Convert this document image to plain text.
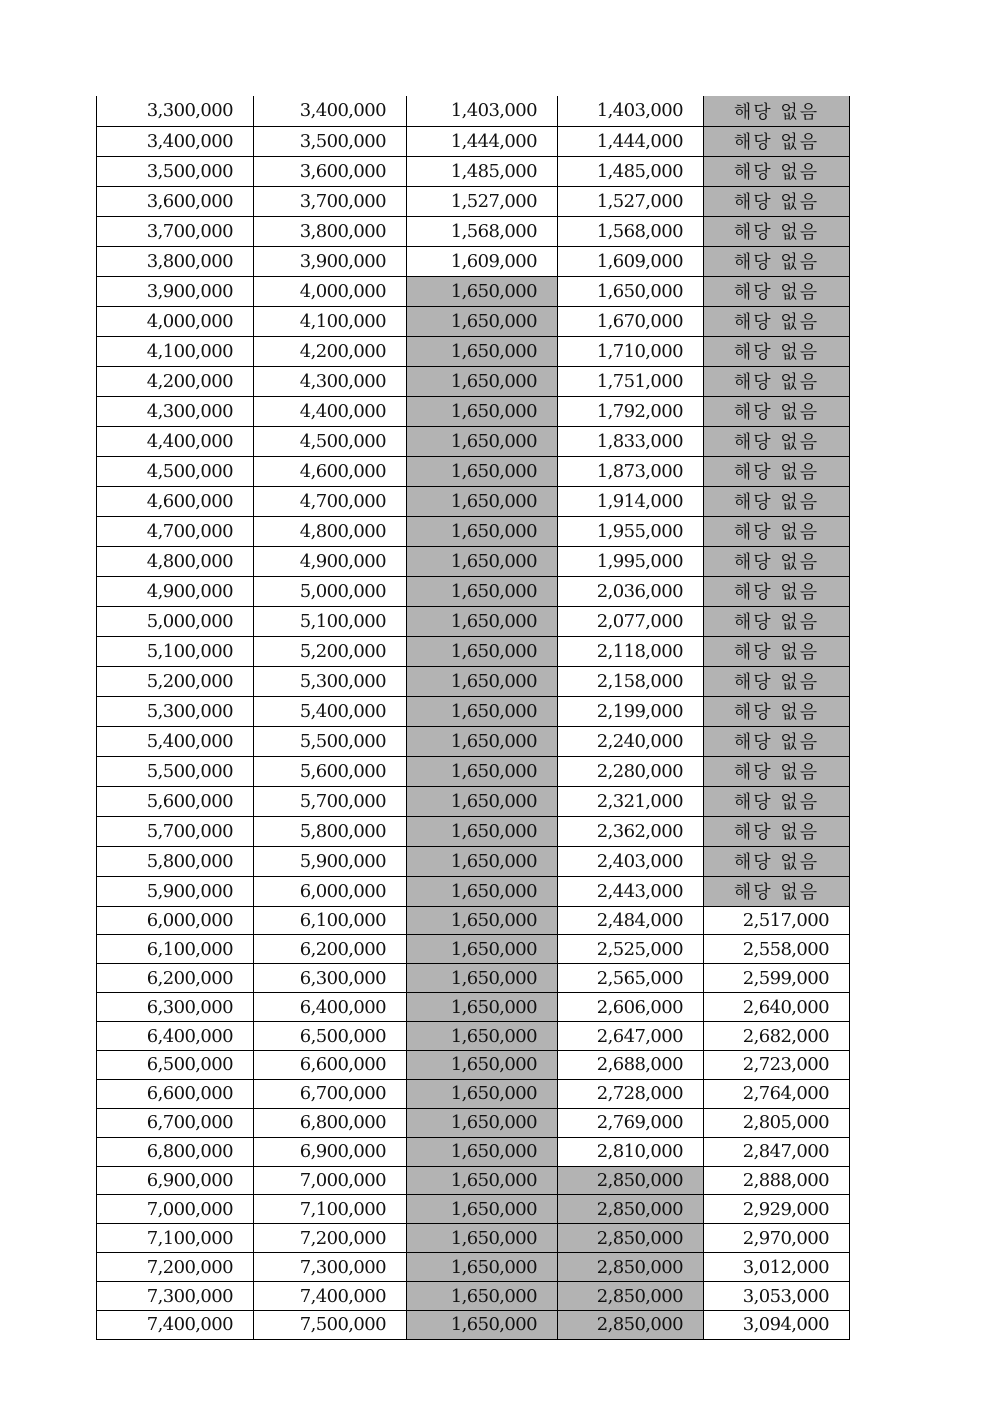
3,300,000	3,400,000	1,403,000	1,403,000	해당 없음
3,400,000	3,500,000	1,444,000	1,444,000	해당 없음
3,500,000	3,600,000	1,485,000	1,485,000	해당 없음
3,600,000	3,700,000	1,527,000	1,527,000	해당 없음
3,700,000	3,800,000	1,568,000	1,568,000	해당 없음
3,800,000	3,900,000	1,609,000	1,609,000	해당 없음
3,900,000	4,000,000	1,650,000	1,650,000	해당 없음
4,000,000	4,100,000	1,650,000	1,670,000	해당 없음
4,100,000	4,200,000	1,650,000	1,710,000	해당 없음
4,200,000	4,300,000	1,650,000	1,751,000	해당 없음
4,300,000	4,400,000	1,650,000	1,792,000	해당 없음
4,400,000	4,500,000	1,650,000	1,833,000	해당 없음
4,500,000	4,600,000	1,650,000	1,873,000	해당 없음
4,600,000	4,700,000	1,650,000	1,914,000	해당 없음
4,700,000	4,800,000	1,650,000	1,955,000	해당 없음
4,800,000	4,900,000	1,650,000	1,995,000	해당 없음
4,900,000	5,000,000	1,650,000	2,036,000	해당 없음
5,000,000	5,100,000	1,650,000	2,077,000	해당 없음
5,100,000	5,200,000	1,650,000	2,118,000	해당 없음
5,200,000	5,300,000	1,650,000	2,158,000	해당 없음
5,300,000	5,400,000	1,650,000	2,199,000	해당 없음
5,400,000	5,500,000	1,650,000	2,240,000	해당 없음
5,500,000	5,600,000	1,650,000	2,280,000	해당 없음
5,600,000	5,700,000	1,650,000	2,321,000	해당 없음
5,700,000	5,800,000	1,650,000	2,362,000	해당 없음
5,800,000	5,900,000	1,650,000	2,403,000	해당 없음
5,900,000	6,000,000	1,650,000	2,443,000	해당 없음
6,000,000	6,100,000	1,650,000	2,484,000	2,517,000
6,100,000	6,200,000	1,650,000	2,525,000	2,558,000
6,200,000	6,300,000	1,650,000	2,565,000	2,599,000
6,300,000	6,400,000	1,650,000	2,606,000	2,640,000
6,400,000	6,500,000	1,650,000	2,647,000	2,682,000
6,500,000	6,600,000	1,650,000	2,688,000	2,723,000
6,600,000	6,700,000	1,650,000	2,728,000	2,764,000
6,700,000	6,800,000	1,650,000	2,769,000	2,805,000
6,800,000	6,900,000	1,650,000	2,810,000	2,847,000
6,900,000	7,000,000	1,650,000	2,850,000	2,888,000
7,000,000	7,100,000	1,650,000	2,850,000	2,929,000
7,100,000	7,200,000	1,650,000	2,850,000	2,970,000
7,200,000	7,300,000	1,650,000	2,850,000	3,012,000
7,300,000	7,400,000	1,650,000	2,850,000	3,053,000
7,400,000	7,500,000	1,650,000	2,850,000	3,094,000
